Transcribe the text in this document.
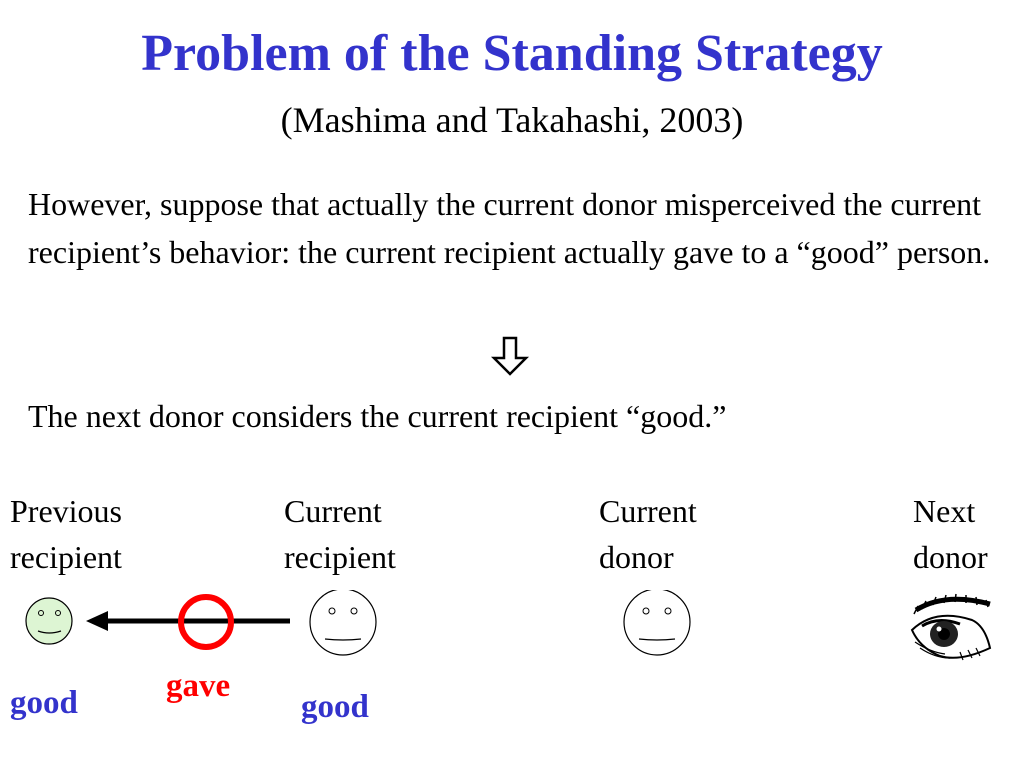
Problem of the Standing Strategy
(Mashima and Takahashi, 2003)
However, suppose that actually the current donor misperceived the current recipient’s behavior: the current recipient actually gave to a “good” person.
The next donor considers the current recipient “good.”
Previous recipient
Current recipient
Current donor
Next donor
good	gave
good
